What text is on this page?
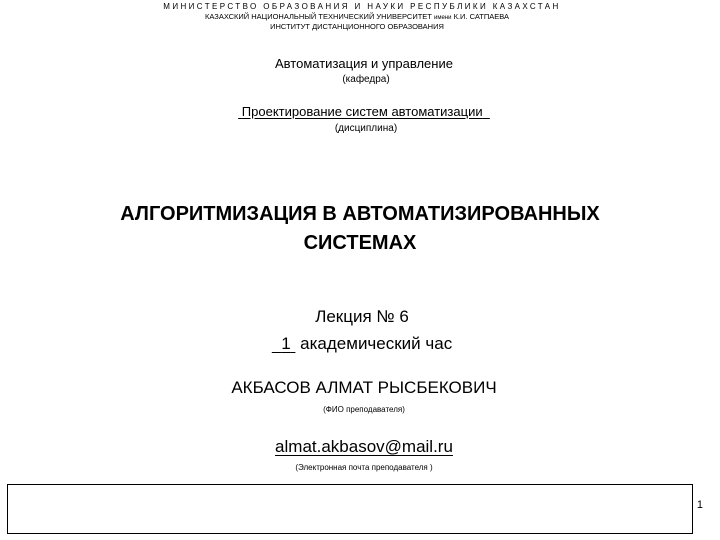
МИНИСТЕРСТВО ОБРАЗОВАНИЯ И НАУКИ РЕСПУБЛИКИ КАЗАХСТАН
КАЗАХСКИЙ НАЦИОНАЛЬНЫЙ ТЕХНИЧЕСКИЙ УНИВЕРСИТЕТ имени К.И. САТПАЕВА
ИНСТИТУТ ДИСТАНЦИОННОГО ОБРАЗОВАНИЯ
Автоматизация и управление
(кафедра)
Проектирование систем автоматизации
(дисциплина)
АЛГОРИТМИЗАЦИЯ В АВТОМАТИЗИРОВАННЫХ
СИСТЕМАХ
Лекция № 6
1 академический час
АКБАСОВ АЛМАТ РЫСБЕКОВИЧ
(ФИО преподавателя)
almat.akbasov@mail.ru
(Электронная почта преподавателя )
1
